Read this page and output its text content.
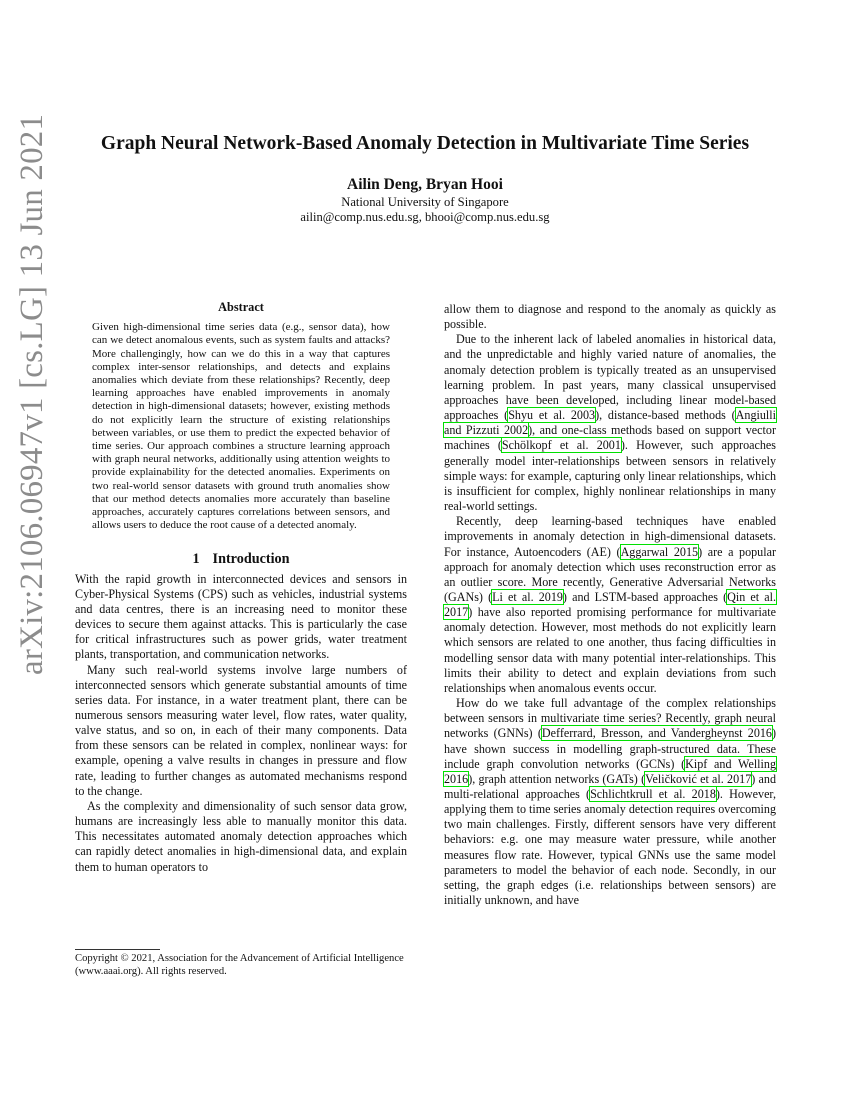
arXiv:2106.06947v1 [cs.LG] 13 Jun 2021	Graph Neural Network-Based Anomaly Detection in Multivariate Time Series
Ailin Deng, Bryan Hooi
National University of Singapore
ailin@comp.nus.edu.sg, bhooi@comp.nus.edu.sg
Abstract
Given high-dimensional time series data (e.g., sensor data), how can we detect anomalous events, such as system faults and attacks? More challengingly, how can we do this in a way that captures complex inter-sensor relationships, and detects and explains anomalies which deviate from these relationships? Recently, deep learning approaches have enabled improvements in anomaly detection in high-dimensional datasets; however, existing methods do not explicitly learn the structure of existing relationships between variables, or use them to predict the expected behavior of time series. Our approach combines a structure learning approach with graph neural networks, additionally using attention weights to provide explainability for the detected anomalies. Experiments on two real-world sensor datasets with ground truth anomalies show that our method detects anomalies more accurately than baseline approaches, accurately captures correlations between sensors, and allows users to deduce the root cause of a detected anomaly.
1 Introduction

With the rapid growth in interconnected devices and sensors in Cyber-Physical Systems (CPS) such as vehicles, industrial systems and data centres, there is an increasing need to monitor these devices to secure them against attacks. This is particularly the case for critical infrastructures such as power grids, water treatment plants, transportation, and communication networks.

Many such real-world systems involve large numbers of interconnected sensors which generate substantial amounts of time series data. For instance, in a water treatment plant, there can be numerous sensors measuring water level, flow rates, water quality, valve status, and so on, in each of their many components. Data from these sensors can be related in complex, nonlinear ways: for example, opening a valve results in changes in pressure and flow rate, leading to further changes as automated mechanisms respond to the change.

As the complexity and dimensionality of such sensor data grow, humans are increasingly less able to manually monitor this data. This necessitates automated anomaly detection approaches which can rapidly detect anomalies in high-dimensional data, and explain them to human operators to

Copyright © 2021, Association for the Advancement of Artificial Intelligence (www.aaai.org). All rights reserved.

allow them to diagnose and respond to the anomaly as quickly as possible.

Due to the inherent lack of labeled anomalies in historical data, and the unpredictable and highly varied nature of anomalies, the anomaly detection problem is typically treated as an unsupervised learning problem. In past years, many classical unsupervised approaches have been developed, including linear model-based approaches (Shyu et al. 2003), distance-based methods (Angiulli and Pizzuti 2002), and one-class methods based on support vector machines (Schölkopf et al. 2001). However, such approaches generally model inter-relationships between sensors in relatively simple ways: for example, capturing only linear relationships, which is insufficient for complex, highly nonlinear relationships in many real-world settings.

Recently, deep learning-based techniques have enabled improvements in anomaly detection in high-dimensional datasets. For instance, Autoencoders (AE) (Aggarwal 2015) are a popular approach for anomaly detection which uses reconstruction error as an outlier score. More recently, Generative Adversarial Networks (GANs) (Li et al. 2019) and LSTM-based approaches (Qin et al. 2017) have also reported promising performance for multivariate anomaly detection. However, most methods do not explicitly learn which sensors are related to one another, thus facing difficulties in modelling sensor data with many potential inter-relationships. This limits their ability to detect and explain deviations from such relationships when anomalous events occur.

How do we take full advantage of the complex relationships between sensors in multivariate time series? Recently, graph neural networks (GNNs) (Defferrard, Bresson, and Vandergheynst 2016) have shown success in modelling graph-structured data. These include graph convolution networks (GCNs) (Kipf and Welling 2016), graph attention networks (GATs) (Veličković et al. 2017) and multi-relational approaches (Schlichtkrull et al. 2018). However, applying them to time series anomaly detection requires overcoming two main challenges. Firstly, different sensors have very different behaviors: e.g. one may measure water pressure, while another measures flow rate. However, typical GNNs use the same model parameters to model the behavior of each node. Secondly, in our setting, the graph edges (i.e. relationships between sensors) are initially unknown, and have
